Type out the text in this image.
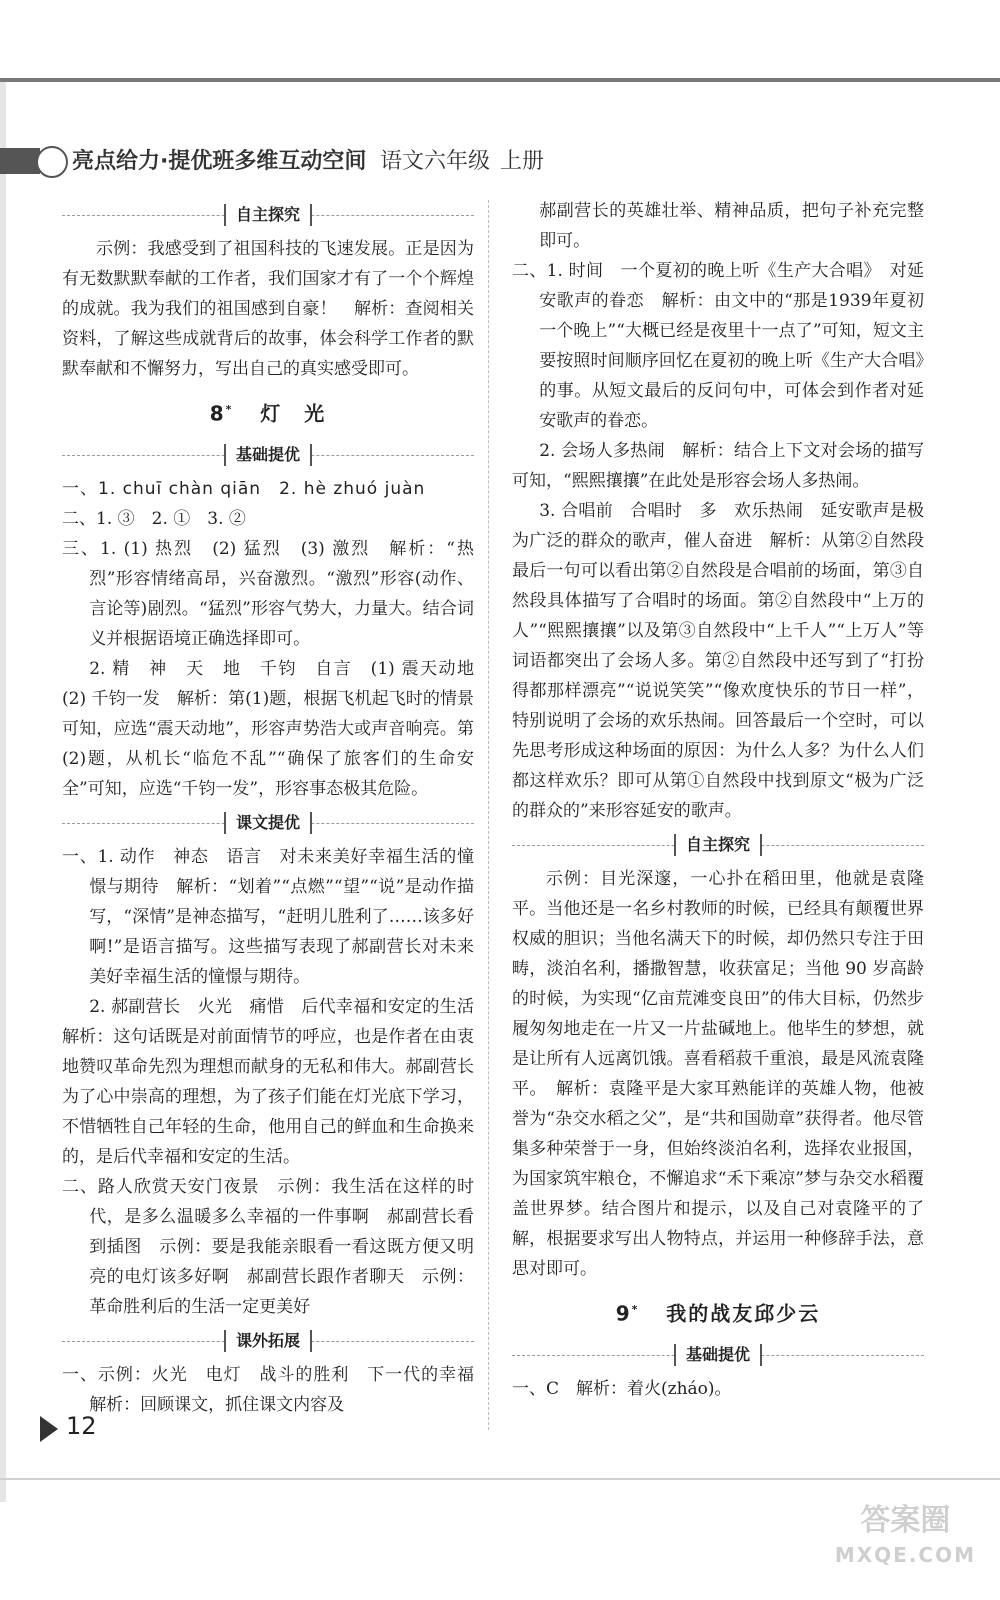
亮点给力·提优班多维互动空间 语文六年级 上册
自主探究

示例：我感受到了祖国科技的飞速发展。正是因为有无数默默奉献的工作者，我们国家才有了一个个辉煌的成就。我为我们的祖国感到自豪！　解析：查阅相关资料，了解这些成就背后的故事，体会科学工作者的默默奉献和不懈努力，写出自己的真实感受即可。

8* 灯　光
基础提优

一、1. chuī chàn qiān　2. hè zhuó juàn

二、1. ③　2. ①　3. ②

三、1. (1) 热烈　(2) 猛烈　(3) 激烈　解析：“热烈”形容情绪高昂，兴奋激烈。“激烈”形容(动作、言论等)剧烈。“猛烈”形容气势大，力量大。结合词义并根据语境正确选择即可。

2. 精　神　天　地　千钧　自言　(1) 震天动地　(2) 千钧一发　解析：第(1)题，根据飞机起飞时的情景可知，应选“震天动地”，形容声势浩大或声音响亮。第(2)题，从机长“临危不乱”“确保了旅客们的生命安全”可知，应选“千钧一发”，形容事态极其危险。

课文提优

一、1. 动作　神态　语言　对未来美好幸福生活的憧憬与期待　解析：“划着”“点燃”“望”“说”是动作描写，“深情”是神态描写，“赶明儿胜利了……该多好啊!”是语言描写。这些描写表现了郝副营长对未来美好幸福生活的憧憬与期待。

2. 郝副营长　火光　痛惜　后代幸福和安定的生活　解析：这句话既是对前面情节的呼应，也是作者在由衷地赞叹革命先烈为理想而献身的无私和伟大。郝副营长为了心中崇高的理想，为了孩子们能在灯光底下学习，不惜牺牲自己年轻的生命，他用自己的鲜血和生命换来的，是后代幸福和安定的生活。

二、路人欣赏天安门夜景　示例：我生活在这样的时代，是多么温暖多么幸福的一件事啊　郝副营长看到插图　示例：要是我能亲眼看一看这既方便又明亮的电灯该多好啊　郝副营长跟作者聊天　示例：革命胜利后的生活一定更美好

课外拓展

一、示例：火光　电灯　战斗的胜利　下一代的幸福　解析：回顾课文，抓住课文内容及

郝副营长的英雄壮举、精神品质，把句子补充完整即可。

二、1. 时间　一个夏初的晚上听《生产大合唱》　对延安歌声的眷恋　解析：由文中的“那是1939年夏初一个晚上”“大概已经是夜里十一点了”可知，短文主要按照时间顺序回忆在夏初的晚上听《生产大合唱》的事。从短文最后的反问句中，可体会到作者对延安歌声的眷恋。

2. 会场人多热闹　解析：结合上下文对会场的描写可知，“熙熙攘攘”在此处是形容会场人多热闹。

3. 合唱前　合唱时　多　欢乐热闹　延安歌声是极为广泛的群众的歌声，催人奋进　解析：从第②自然段最后一句可以看出第②自然段是合唱前的场面，第③自然段具体描写了合唱时的场面。第②自然段中“上万的人”“熙熙攘攘”以及第③自然段中“上千人”“上万人”等词语都突出了会场人多。第②自然段中还写到了“打扮得都那样漂亮”“说说笑笑”“像欢度快乐的节日一样”，特别说明了会场的欢乐热闹。回答最后一个空时，可以先思考形成这种场面的原因：为什么人多？为什么人们都这样欢乐？即可从第①自然段中找到原文“极为广泛的群众的”来形容延安的歌声。

自主探究

示例：目光深邃，一心扑在稻田里，他就是袁隆平。当他还是一名乡村教师的时候，已经具有颠覆世界权威的胆识；当他名满天下的时候，却仍然只专注于田畴，淡泊名利，播撒智慧，收获富足；当他 90 岁高龄的时候，为实现“亿亩荒滩变良田”的伟大目标，仍然步履匆匆地走在一片又一片盐碱地上。他毕生的梦想，就是让所有人远离饥饿。喜看稻菽千重浪，最是风流袁隆平。　解析：袁隆平是大家耳熟能详的英雄人物，他被誉为“杂交水稻之父”，是“共和国勋章”获得者。他尽管集多种荣誉于一身，但始终淡泊名利，选择农业报国，为国家筑牢粮仓，不懈追求“禾下乘凉”梦与杂交水稻覆盖世界梦。结合图片和提示，以及自己对袁隆平的了解，根据要求写出人物特点，并运用一种修辞手法，意思对即可。

9* 我的战友邱少云
基础提优

一、C　解析：着火(zháo)。

12
答案圈
MXQE.COM
